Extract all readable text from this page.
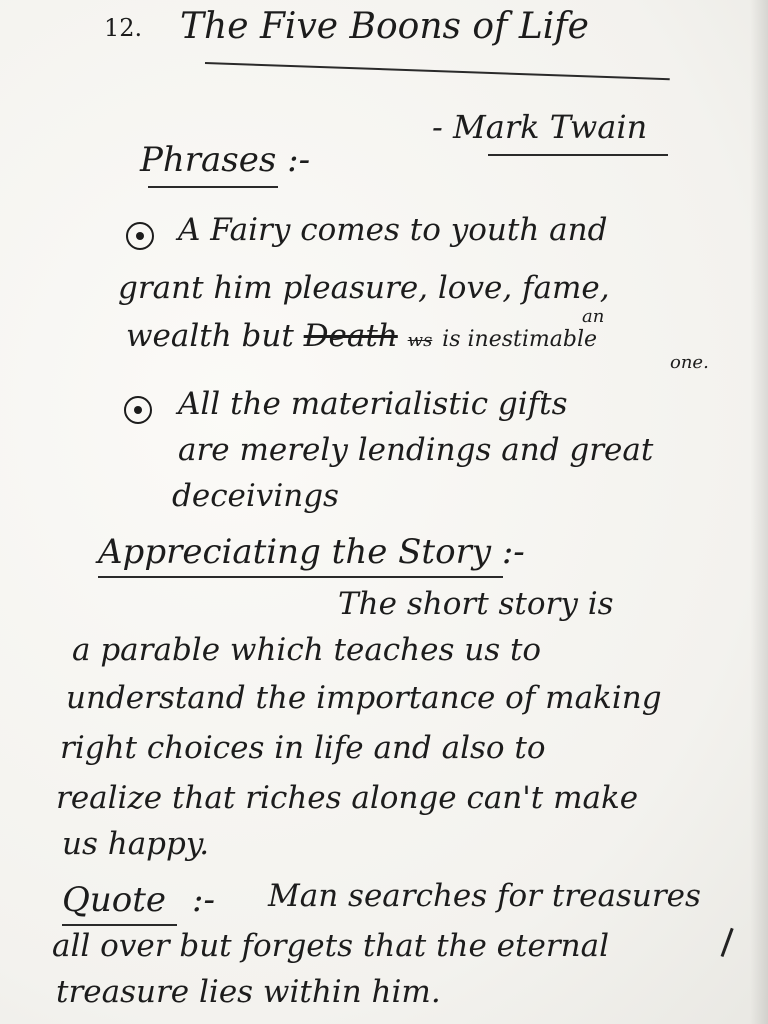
12. The Five Boons of Life
- Mark Twain
Phrases :-
A Fairy comes to youth and
grant him pleasure, love, fame,
wealth but Death ws is inestimable
an
one.
All the materialistic gifts
are merely lendings and great
deceivings
Appreciating the Story :-
The short story is
a parable which teaches us to
understand the importance of making
right choices in life and also to
realize that riches alonge can't make
us happy.
Quote :- Man searches for treasures
all over but forgets that the eternal
treasure lies within him.
